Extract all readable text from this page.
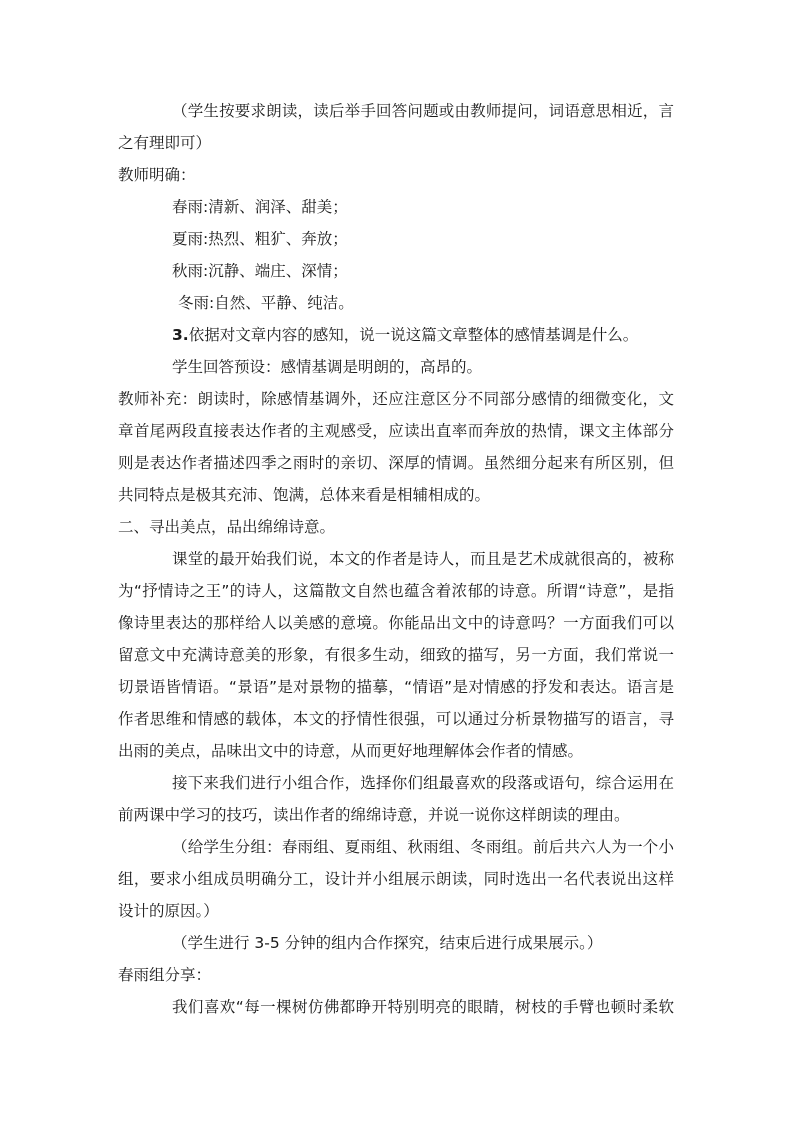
（学生按要求朗读，读后举手回答问题或由教师提问，词语意思相近，言
之有理即可）
教师明确：
春雨:清新、润泽、甜美；
夏雨:热烈、粗犷、奔放；
秋雨:沉静、端庄、深情；
冬雨:自然、平静、纯洁。
3.依据对文章内容的感知，说一说这篇文章整体的感情基调是什么。
学生回答预设：感情基调是明朗的，高昂的。
教师补充：朗读时，除感情基调外，还应注意区分不同部分感情的细微变化，文
章首尾两段直接表达作者的主观感受，应读出直率而奔放的热情，课文主体部分
则是表达作者描述四季之雨时的亲切、深厚的情调。虽然细分起来有所区别，但
共同特点是极其充沛、饱满，总体来看是相辅相成的。
二、寻出美点，品出绵绵诗意。
课堂的最开始我们说，本文的作者是诗人，而且是艺术成就很高的，被称
为“抒情诗之王”的诗人，这篇散文自然也蕴含着浓郁的诗意。所谓“诗意”，是指
像诗里表达的那样给人以美感的意境。你能品出文中的诗意吗？一方面我们可以
留意文中充满诗意美的形象，有很多生动，细致的描写，另一方面，我们常说一
切景语皆情语。“景语”是对景物的描摹，“情语”是对情感的抒发和表达。语言是
作者思维和情感的载体，本文的抒情性很强，可以通过分析景物描写的语言，寻
出雨的美点，品味出文中的诗意，从而更好地理解体会作者的情感。
接下来我们进行小组合作，选择你们组最喜欢的段落或语句，综合运用在
前两课中学习的技巧，读出作者的绵绵诗意，并说一说你这样朗读的理由。
（给学生分组：春雨组、夏雨组、秋雨组、冬雨组。前后共六人为一个小
组，要求小组成员明确分工，设计并小组展示朗读，同时选出一名代表说出这样
设计的原因。）
（学生进行 3-5 分钟的组内合作探究，结束后进行成果展示。）
春雨组分享：
我们喜欢“每一棵树仿佛都睁开特别明亮的眼睛，树枝的手臂也顿时柔软
